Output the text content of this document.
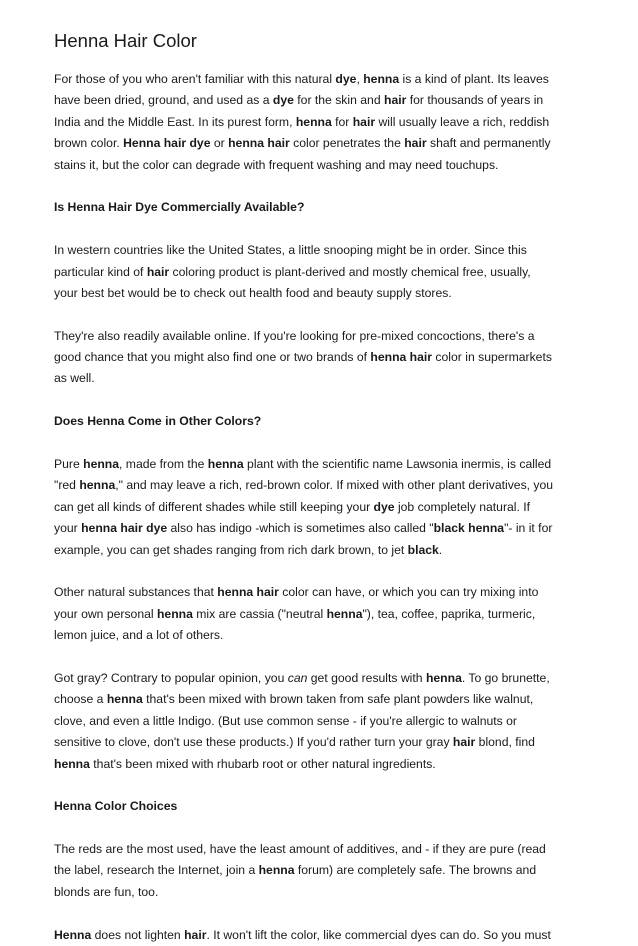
Henna Hair Color
For those of you who aren't familiar with this natural dye, henna is a kind of plant. Its leaves
have been dried, ground, and used as a dye for the skin and hair for thousands of years in
India and the Middle East. In its purest form, henna for hair will usually leave a rich, reddish
brown color. Henna hair dye or henna hair color penetrates the hair shaft and permanently
stains it, but the color can degrade with frequent washing and may need touchups.
Is Henna Hair Dye Commercially Available?
In western countries like the United States, a little snooping might be in order. Since this
particular kind of hair coloring product is plant-derived and mostly chemical free, usually,
your best bet would be to check out health food and beauty supply stores.
They're also readily available online. If you're looking for pre-mixed concoctions, there's a
good chance that you might also find one or two brands of henna hair color in supermarkets
as well.
Does Henna Come in Other Colors?
Pure henna, made from the henna plant with the scientific name Lawsonia inermis, is called
"red henna," and may leave a rich, red-brown color. If mixed with other plant derivatives, you
can get all kinds of different shades while still keeping your dye job completely natural. If
your henna hair dye also has indigo -which is sometimes also called "black henna"- in it for
example, you can get shades ranging from rich dark brown, to jet black.
Other natural substances that henna hair color can have, or which you can try mixing into
your own personal henna mix are cassia ("neutral henna"), tea, coffee, paprika, turmeric,
lemon juice, and a lot of others.
Got gray? Contrary to popular opinion, you can get good results with henna. To go brunette,
choose a henna that's been mixed with brown taken from safe plant powders like walnut,
clove, and even a little Indigo. (But use common sense - if you're allergic to walnuts or
sensitive to clove, don't use these products.) If you'd rather turn your gray hair blond, find
henna that's been mixed with rhubarb root or other natural ingredients.
Henna Color Choices
The reds are the most used, have the least amount of additives, and - if they are pure (read
the label, research the Internet, join a henna forum) are completely safe. The browns and
blonds are fun, too.
Henna does not lighten hair. It won't lift the color, like commercial dyes can do. So you must
